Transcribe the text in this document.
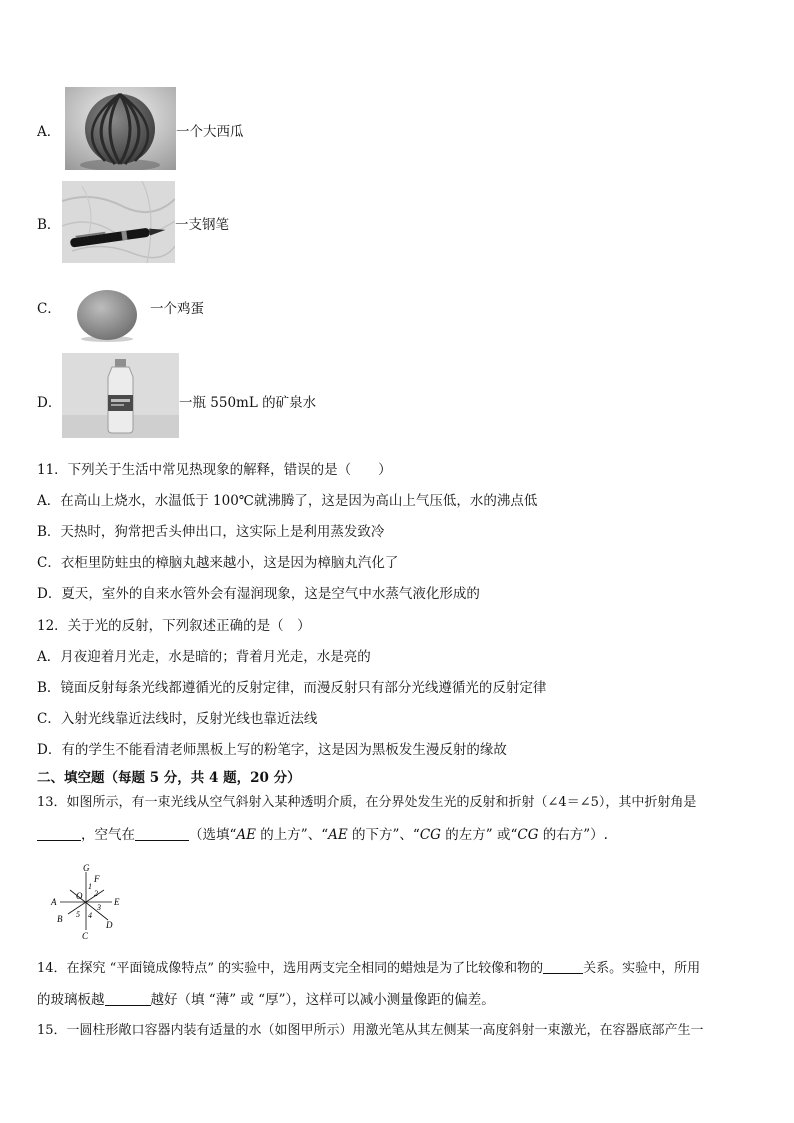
A．	一个大西瓜
B．	一支钢笔
C．	一个鸡蛋
D．	一瓶 550mL 的矿泉水
11．下列关于生活中常见热现象的解释，错误的是（　　）
A．在高山上烧水，水温低于 100℃就沸腾了，这是因为高山上气压低，水的沸点低
B．天热时，狗常把舌头伸出口，这实际上是利用蒸发致冷
C．衣柜里防蛀虫的樟脑丸越来越小，这是因为樟脑丸汽化了
D．夏天，室外的自来水管外会有湿润现象，这是空气中水蒸气液化形成的
12．关于光的反射，下列叙述正确的是（　）
A．月夜迎着月光走，水是暗的；背着月光走，水是亮的
B．镜面反射每条光线都遵循光的反射定律，而漫反射只有部分光线遵循光的反射定律
C．入射光线靠近法线时，反射光线也靠近法线
D．有的学生不能看清老师黑板上写的粉笔字，这是因为黑板发生漫反射的缘故
二、填空题（每题 5 分，共 4 题，20 分）
13．如图所示，有一束光线从空气斜射入某种透明介质，在分界处发生光的反射和折射（∠4＝∠5），其中折射角是
，空气在	（选填“AE 的上方”、“AE 的下方”、“CG 的左方” 或“CG 的右方”）.
G
F
A	E
O
B
C
D
1
2
3
4
5
14．在探究 “平面镜成像特点” 的实验中，选用两支完全相同的蜡烛是为了比较像和物的	关系。实验中，所用
的玻璃板越	越好（填 “薄” 或 “厚”），这样可以减小测量像距的偏差。
15．一圆柱形敞口容器内装有适量的水（如图甲所示）用激光笔从其左侧某一高度斜射一束激光，在容器底部产生一
